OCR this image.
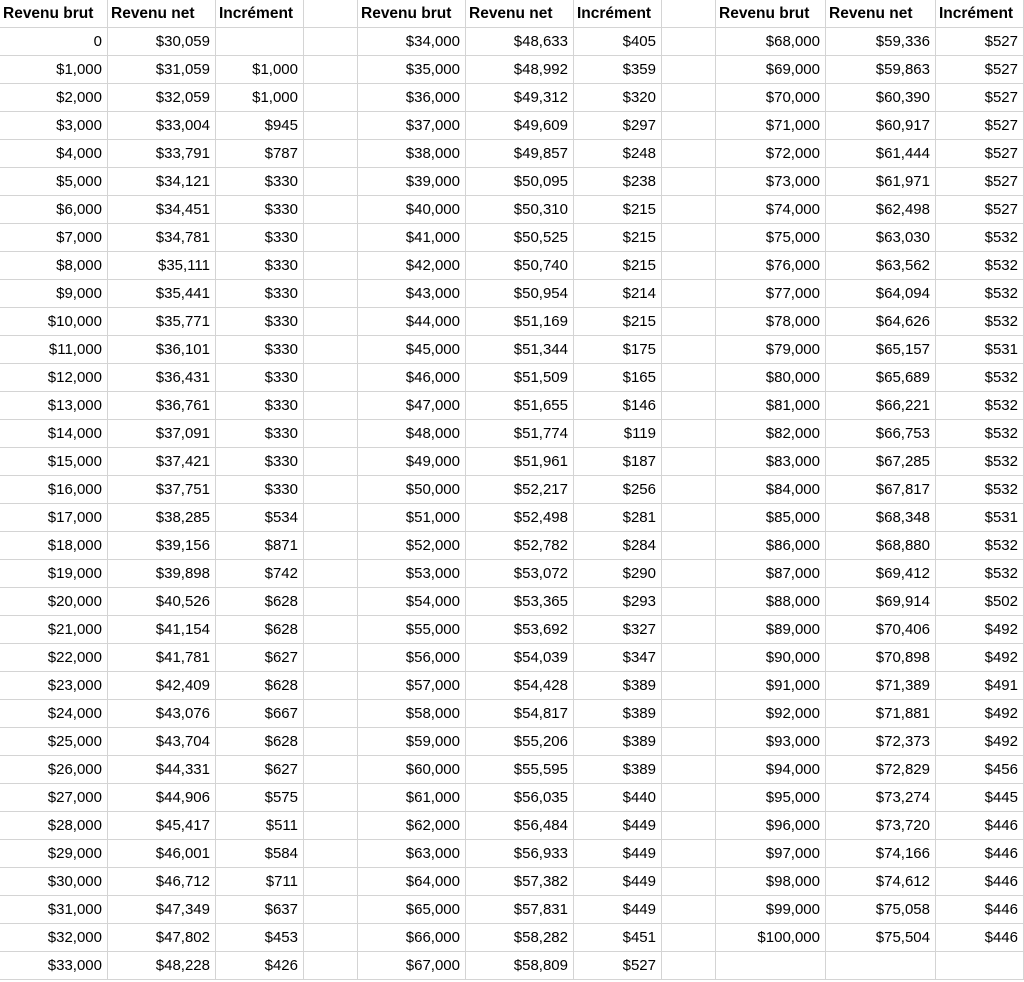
Revenu brut	Revenu net	Incrément	Revenu brut	Revenu net	Incrément	Revenu brut	Revenu net	Incrément
0	$30,059
$1,000	$31,059	$1,000
$2,000	$32,059	$1,000
$3,000	$33,004	$945
$4,000	$33,791	$787
$5,000	$34,121	$330
$6,000	$34,451	$330
$7,000	$34,781	$330
$8,000	$35,111	$330
$9,000	$35,441	$330
$10,000	$35,771	$330
$11,000	$36,101	$330
$12,000	$36,431	$330
$13,000	$36,761	$330
$14,000	$37,091	$330
$15,000	$37,421	$330
$16,000	$37,751	$330
$17,000	$38,285	$534
$18,000	$39,156	$871
$19,000	$39,898	$742
$20,000	$40,526	$628
$21,000	$41,154	$628
$22,000	$41,781	$627
$23,000	$42,409	$628
$24,000	$43,076	$667
$25,000	$43,704	$628
$26,000	$44,331	$627
$27,000	$44,906	$575
$28,000	$45,417	$511
$29,000	$46,001	$584
$30,000	$46,712	$711
$31,000	$47,349	$637
$32,000	$47,802	$453
$33,000	$48,228	$426
$34,000	$48,633	$405
$35,000	$48,992	$359
$36,000	$49,312	$320
$37,000	$49,609	$297
$38,000	$49,857	$248
$39,000	$50,095	$238
$40,000	$50,310	$215
$41,000	$50,525	$215
$42,000	$50,740	$215
$43,000	$50,954	$214
$44,000	$51,169	$215
$45,000	$51,344	$175
$46,000	$51,509	$165
$47,000	$51,655	$146
$48,000	$51,774	$119
$49,000	$51,961	$187
$50,000	$52,217	$256
$51,000	$52,498	$281
$52,000	$52,782	$284
$53,000	$53,072	$290
$54,000	$53,365	$293
$55,000	$53,692	$327
$56,000	$54,039	$347
$57,000	$54,428	$389
$58,000	$54,817	$389
$59,000	$55,206	$389
$60,000	$55,595	$389
$61,000	$56,035	$440
$62,000	$56,484	$449
$63,000	$56,933	$449
$64,000	$57,382	$449
$65,000	$57,831	$449
$66,000	$58,282	$451
$67,000	$58,809	$527
$68,000	$59,336	$527
$69,000	$59,863	$527
$70,000	$60,390	$527
$71,000	$60,917	$527
$72,000	$61,444	$527
$73,000	$61,971	$527
$74,000	$62,498	$527
$75,000	$63,030	$532
$76,000	$63,562	$532
$77,000	$64,094	$532
$78,000	$64,626	$532
$79,000	$65,157	$531
$80,000	$65,689	$532
$81,000	$66,221	$532
$82,000	$66,753	$532
$83,000	$67,285	$532
$84,000	$67,817	$532
$85,000	$68,348	$531
$86,000	$68,880	$532
$87,000	$69,412	$532
$88,000	$69,914	$502
$89,000	$70,406	$492
$90,000	$70,898	$492
$91,000	$71,389	$491
$92,000	$71,881	$492
$93,000	$72,373	$492
$94,000	$72,829	$456
$95,000	$73,274	$445
$96,000	$73,720	$446
$97,000	$74,166	$446
$98,000	$74,612	$446
$99,000	$75,058	$446
$100,000	$75,504	$446
